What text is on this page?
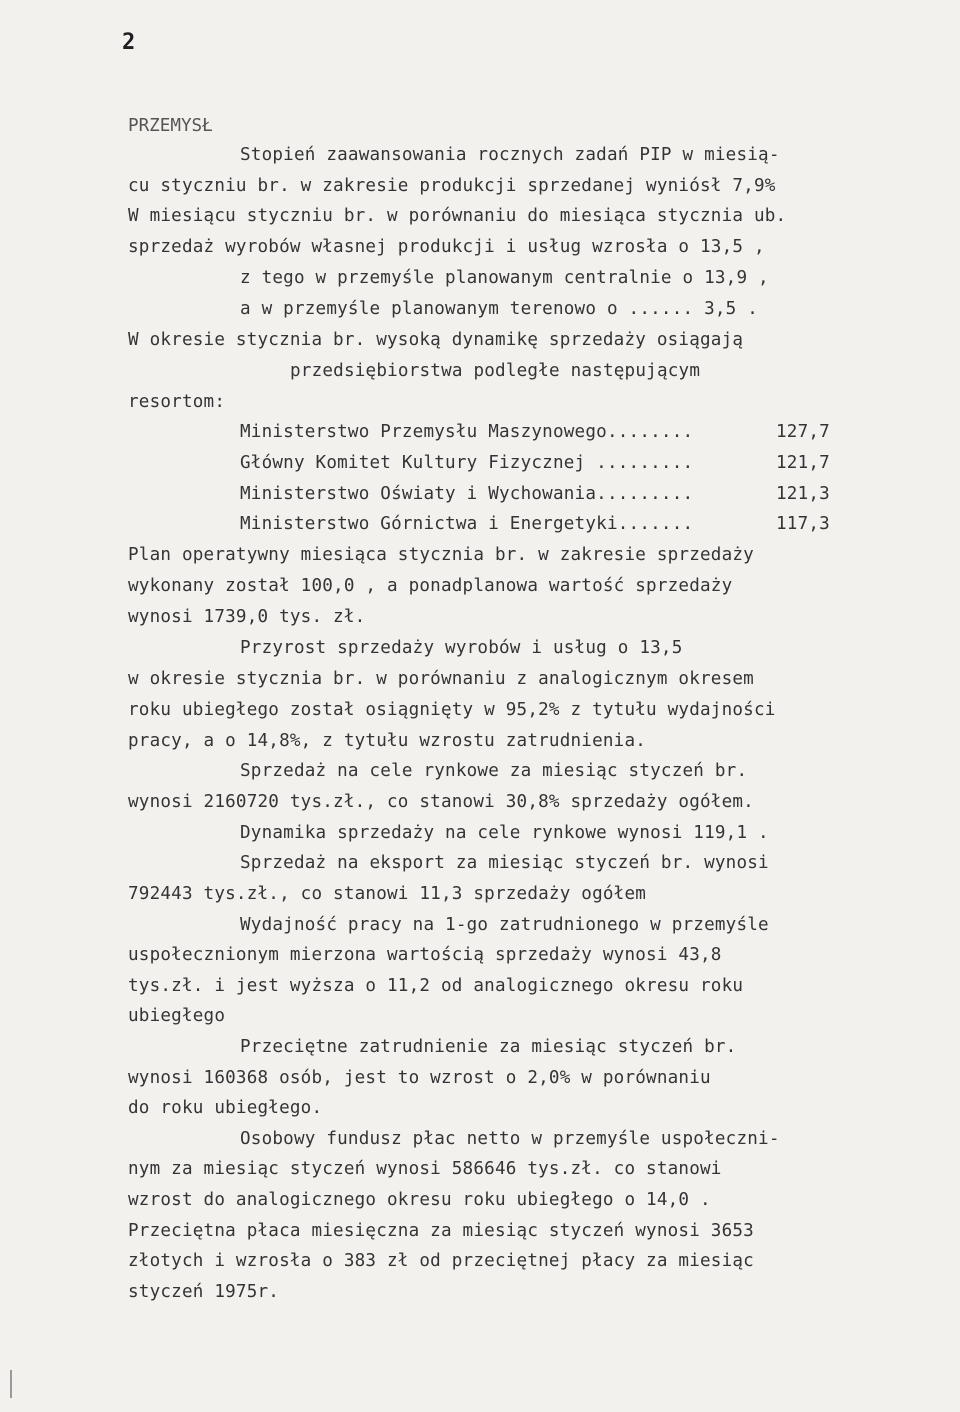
2
PRZEMYSŁ
Stopień zaawansowania rocznych zadań PIP w miesią-
cu styczniu br. w zakresie produkcji sprzedanej wyniósł 7,9%
W miesiącu styczniu br. w porównaniu do miesiąca stycznia ub.
sprzedaż wyrobów własnej produkcji i usług wzrosła o 13,5 ,
z tego w przemyśle planowanym centralnie o 13,9 ,
a w przemyśle planowanym terenowo o ...... 3,5 .
W okresie stycznia br. wysoką dynamikę sprzedaży osiągają
przedsiębiorstwa podległe następującym
resortom:
Ministerstwo Przemysłu Maszynowego........	127,7
Główny Komitet Kultury Fizycznej .........	121,7
Ministerstwo Oświaty i Wychowania.........	121,3
Ministerstwo Górnictwa i Energetyki.......	117,3
Plan operatywny miesiąca stycznia br. w zakresie sprzedaży
wykonany został 100,0 , a ponadplanowa wartość sprzedaży
wynosi 1739,0 tys. zł.
Przyrost sprzedaży wyrobów i usług o 13,5
w okresie stycznia br. w porównaniu z analogicznym okresem
roku ubiegłego został osiągnięty w 95,2% z tytułu wydajności
pracy, a o 14,8%, z tytułu wzrostu zatrudnienia.
Sprzedaż na cele rynkowe za miesiąc styczeń br.
wynosi 2160720 tys.zł., co stanowi 30,8% sprzedaży ogółem.
Dynamika sprzedaży na cele rynkowe wynosi 119,1 .
Sprzedaż na eksport za miesiąc styczeń br. wynosi
792443 tys.zł., co stanowi 11,3 sprzedaży ogółem
Wydajność pracy na 1-go zatrudnionego w przemyśle
uspołecznionym mierzona wartością sprzedaży wynosi 43,8
tys.zł. i jest wyższa o 11,2 od analogicznego okresu roku
ubiegłego
Przeciętne zatrudnienie za miesiąc styczeń br.
wynosi 160368 osób, jest to wzrost o 2,0% w porównaniu
do roku ubiegłego.
Osobowy fundusz płac netto w przemyśle uspołeczni-
nym za miesiąc styczeń wynosi 586646 tys.zł. co stanowi
wzrost do analogicznego okresu roku ubiegłego o 14,0 .
Przeciętna płaca miesięczna za miesiąc styczeń wynosi 3653
złotych i wzrosła o 383 zł od przeciętnej płacy za miesiąc
styczeń 1975r.
